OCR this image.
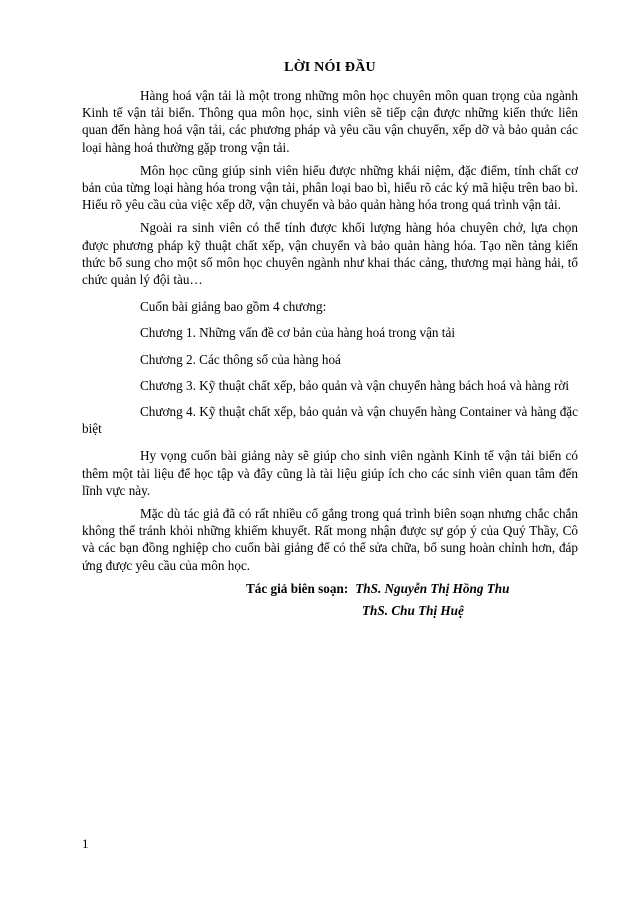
LỜI NÓI ĐẦU

Hàng hoá vận tải là một trong những môn học chuyên môn quan trọng của ngành Kinh tế vận tải biển. Thông qua môn học, sinh viên sẽ tiếp cận được những kiến thức liên quan đến hàng hoá vận tải, các phương pháp và yêu cầu vận chuyển, xếp dỡ và bảo quản các loại hàng hoá thường gặp trong vận tải.

Môn học cũng giúp sinh viên hiểu được những khái niệm, đặc điểm, tính chất cơ bản của từng loại hàng hóa trong vận tải, phân loại bao bì, hiểu rõ các ký mã hiệu trên bao bì. Hiểu rõ yêu cầu của việc xếp dỡ, vận chuyển và bảo quản hàng hóa trong quá trình vận tải.

Ngoài ra sinh viên có thể tính được khối lượng hàng hóa chuyên chở, lựa chọn được phương pháp kỹ thuật chất xếp, vận chuyển và bảo quản hàng hóa. Tạo nền tảng kiến thức bổ sung cho một số môn học chuyên ngành như khai thác cảng, thương mại hàng hải, tổ chức quản lý đội tàu…

Cuốn bài giảng bao gồm 4 chương:

Chương 1. Những vấn đề cơ bản của hàng hoá trong vận tải

Chương 2. Các thông số của hàng hoá

Chương 3. Kỹ thuật chất xếp, bảo quản và vận chuyển hàng bách hoá và hàng rời

Chương 4. Kỹ thuật chất xếp, bảo quản và vận chuyển hàng Container và hàng đặc biệt

Hy vọng cuốn bài giảng này sẽ giúp cho sinh viên ngành Kinh tế vận tải biển có thêm một tài liệu để học tập và đây cũng là tài liệu giúp ích cho các sinh viên quan tâm đến lĩnh vực này.

Mặc dù tác giả đã có rất nhiều cố gắng trong quá trình biên soạn nhưng chắc chắn không thể tránh khỏi những khiếm khuyết. Rất mong nhận được sự góp ý của Quý Thầy, Cô và các bạn đồng nghiệp cho cuốn bài giảng để có thể sửa chữa, bổ sung hoàn chỉnh hơn, đáp ứng được yêu cầu của môn học.

Tác giả biên soạn: ThS. Nguyễn Thị Hồng Thu
ThS. Chu Thị Huệ
1
